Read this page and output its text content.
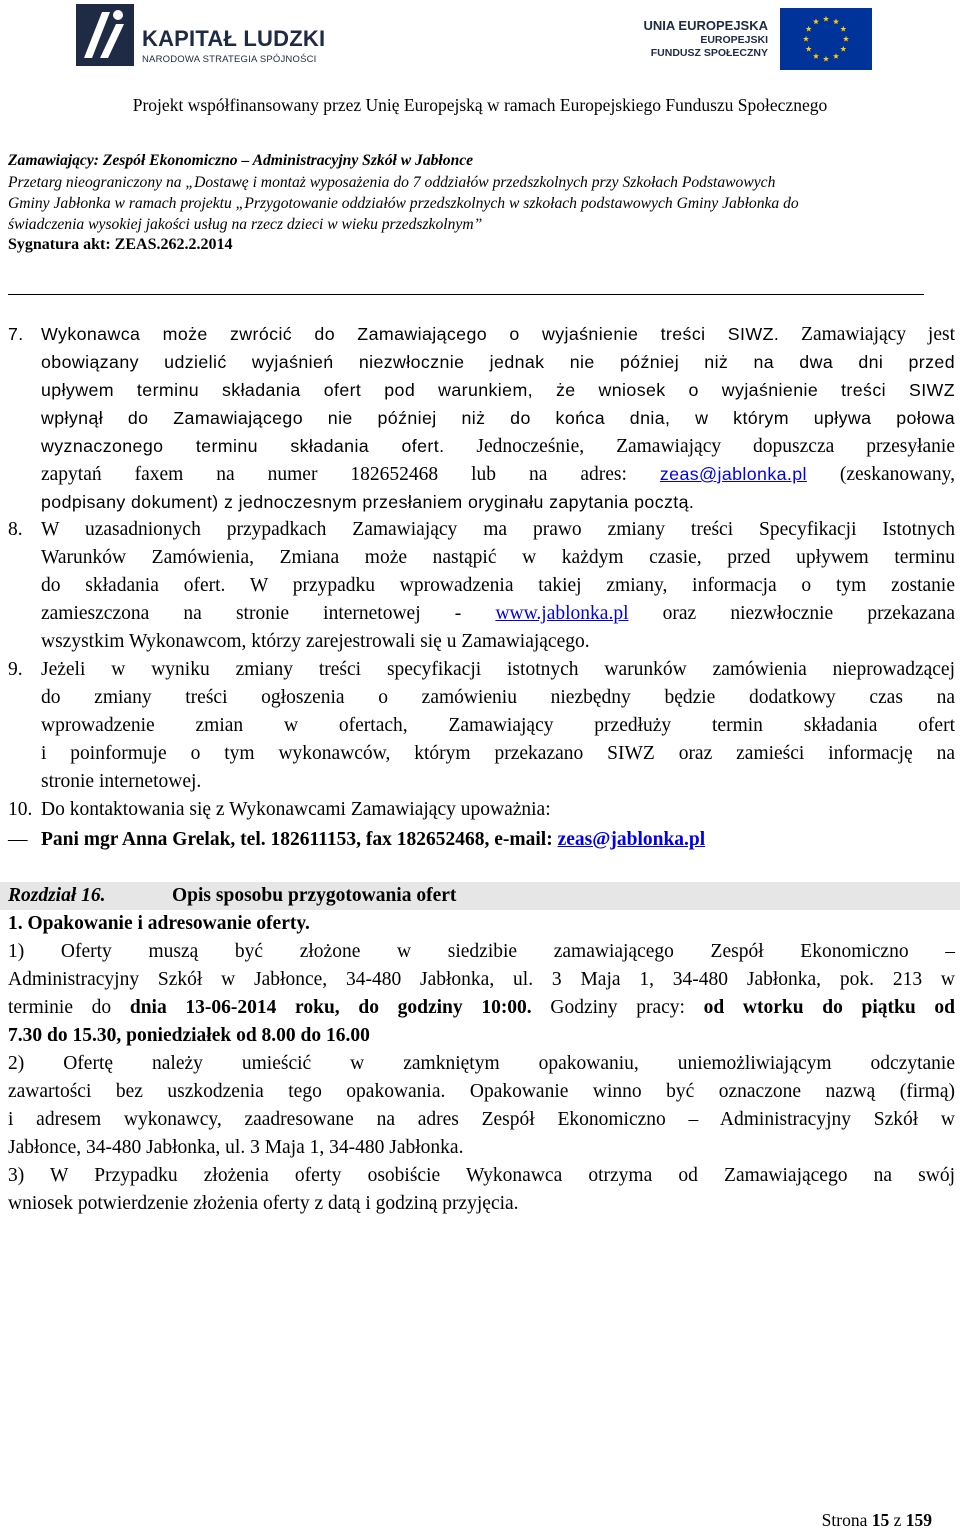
KAPITAŁ LUDZKI
NARODOWA STRATEGIA SPÓJNOŚCI
UNIA EUROPEJSKA
EUROPEJSKI
FUNDUSZ SPOŁECZNY
Projekt współfinansowany przez Unię Europejską w ramach Europejskiego Funduszu Społecznego
Zamawiający: Zespół Ekonomiczno – Administracyjny Szkół w Jabłonce
Przetarg nieograniczony na „Dostawę i montaż wyposażenia do 7 oddziałów przedszkolnych przy Szkołach Podstawowych
Gminy Jabłonka w ramach projektu „Przygotowanie oddziałów przedszkolnych w szkołach podstawowych Gminy Jabłonka do
świadczenia wysokiej jakości usług na rzecz dzieci w wieku przedszkolnym”
Sygnatura akt: ZEAS.262.2.2014
7. Wykonawca może zwrócić do Zamawiającego o wyjaśnienie treści SIWZ. Zamawiający jest
obowiązany udzielić wyjaśnień niezwłocznie jednak nie później niż na dwa dni przed
upływem terminu składania ofert pod warunkiem, że wniosek o wyjaśnienie treści SIWZ
wpłynął do Zamawiającego nie później niż do końca dnia, w którym upływa połowa
wyznaczonego terminu składania ofert. Jednocześnie, Zamawiający dopuszcza przesyłanie
zapytań faxem na numer 182652468 lub na adres: zeas@jablonka.pl (zeskanowany,
podpisany dokument) z jednoczesnym przesłaniem oryginału zapytania pocztą.
8. W uzasadnionych przypadkach Zamawiający ma prawo zmiany treści Specyfikacji Istotnych
Warunków Zamówienia, Zmiana może nastąpić w każdym czasie, przed upływem terminu
do składania ofert. W przypadku wprowadzenia takiej zmiany, informacja o tym zostanie
zamieszczona na stronie internetowej - www.jablonka.pl oraz niezwłocznie przekazana
wszystkim Wykonawcom, którzy zarejestrowali się u Zamawiającego.
9. Jeżeli w wyniku zmiany treści specyfikacji istotnych warunków zamówienia nieprowadzącej
do zmiany treści ogłoszenia o zamówieniu niezbędny będzie dodatkowy czas na
wprowadzenie zmian w ofertach, Zamawiający przedłuży termin składania ofert
i poinformuje o tym wykonawców, którym przekazano SIWZ oraz zamieści informację na
stronie internetowej.
10. Do kontaktowania się z Wykonawcami Zamawiający upoważnia:
— Pani mgr Anna Grelak, tel. 182611153, fax 182652468, e-mail: zeas@jablonka.pl
Rozdział 16.	Opis sposobu przygotowania ofert
1. Opakowanie i adresowanie oferty.
1) Oferty muszą być złożone w siedzibie zamawiającego Zespół Ekonomiczno –
Administracyjny Szkół w Jabłonce, 34-480 Jabłonka, ul. 3 Maja 1, 34-480 Jabłonka, pok. 213 w
terminie do dnia 13-06-2014 roku, do godziny 10:00. Godziny pracy: od wtorku do piątku od
7.30 do 15.30, poniedziałek od 8.00 do 16.00
2) Ofertę należy umieścić w zamkniętym opakowaniu, uniemożliwiającym odczytanie
zawartości bez uszkodzenia tego opakowania. Opakowanie winno być oznaczone nazwą (firmą)
i adresem wykonawcy, zaadresowane na adres Zespół Ekonomiczno – Administracyjny Szkół w
Jabłonce, 34-480 Jabłonka, ul. 3 Maja 1, 34-480 Jabłonka.
3) W Przypadku złożenia oferty osobiście Wykonawca otrzyma od Zamawiającego na swój
wniosek potwierdzenie złożenia oferty z datą i godziną przyjęcia.
Strona 15 z 159
